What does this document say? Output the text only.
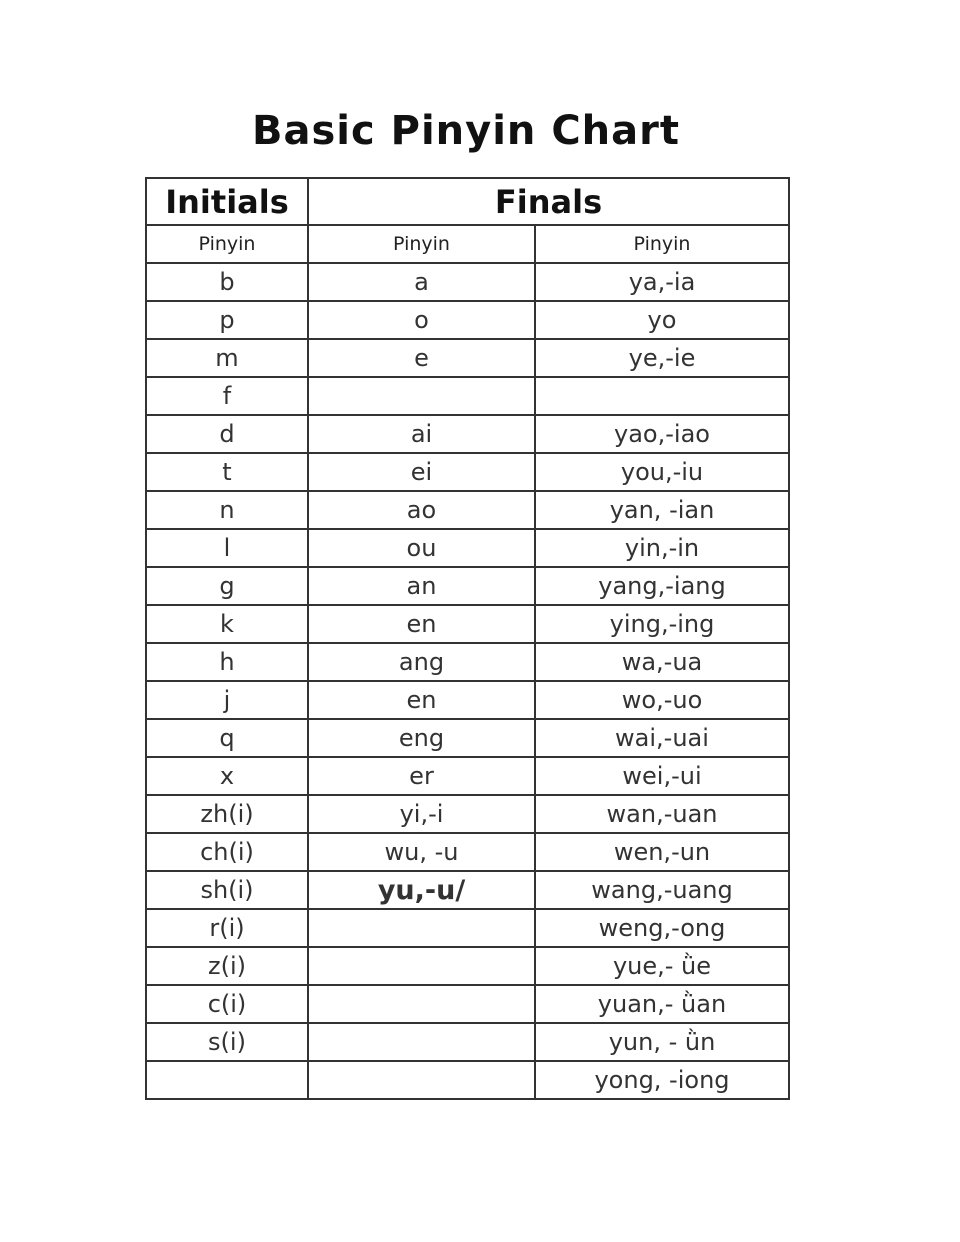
Basic Pinyin Chart
Initials	Finals	
Pinyin	Pinyin	Pinyin
b	a	ya,-ia
p	o	yo
m	e	ye,-ie
f		
d	ai	yao,-iao
t	ei	you,-iu
n	ao	yan, -ian
l	ou	yin,-in
g	an	yang,-iang
k	en	ying,-ing
h	ang	wa,-ua
j	en	wo,-uo
q	eng	wai,-uai
x	er	wei,-ui
zh(i)	yi,-i	wan,-uan
ch(i)	wu, -u	wen,-un
sh(i)	yu,-u/	wang,-uang
r(i)		weng,-ong
z(i)		yue,- ǜe
c(i)		yuan,- ǜan
s(i)		yun, - ǜn
		yong, -iong
